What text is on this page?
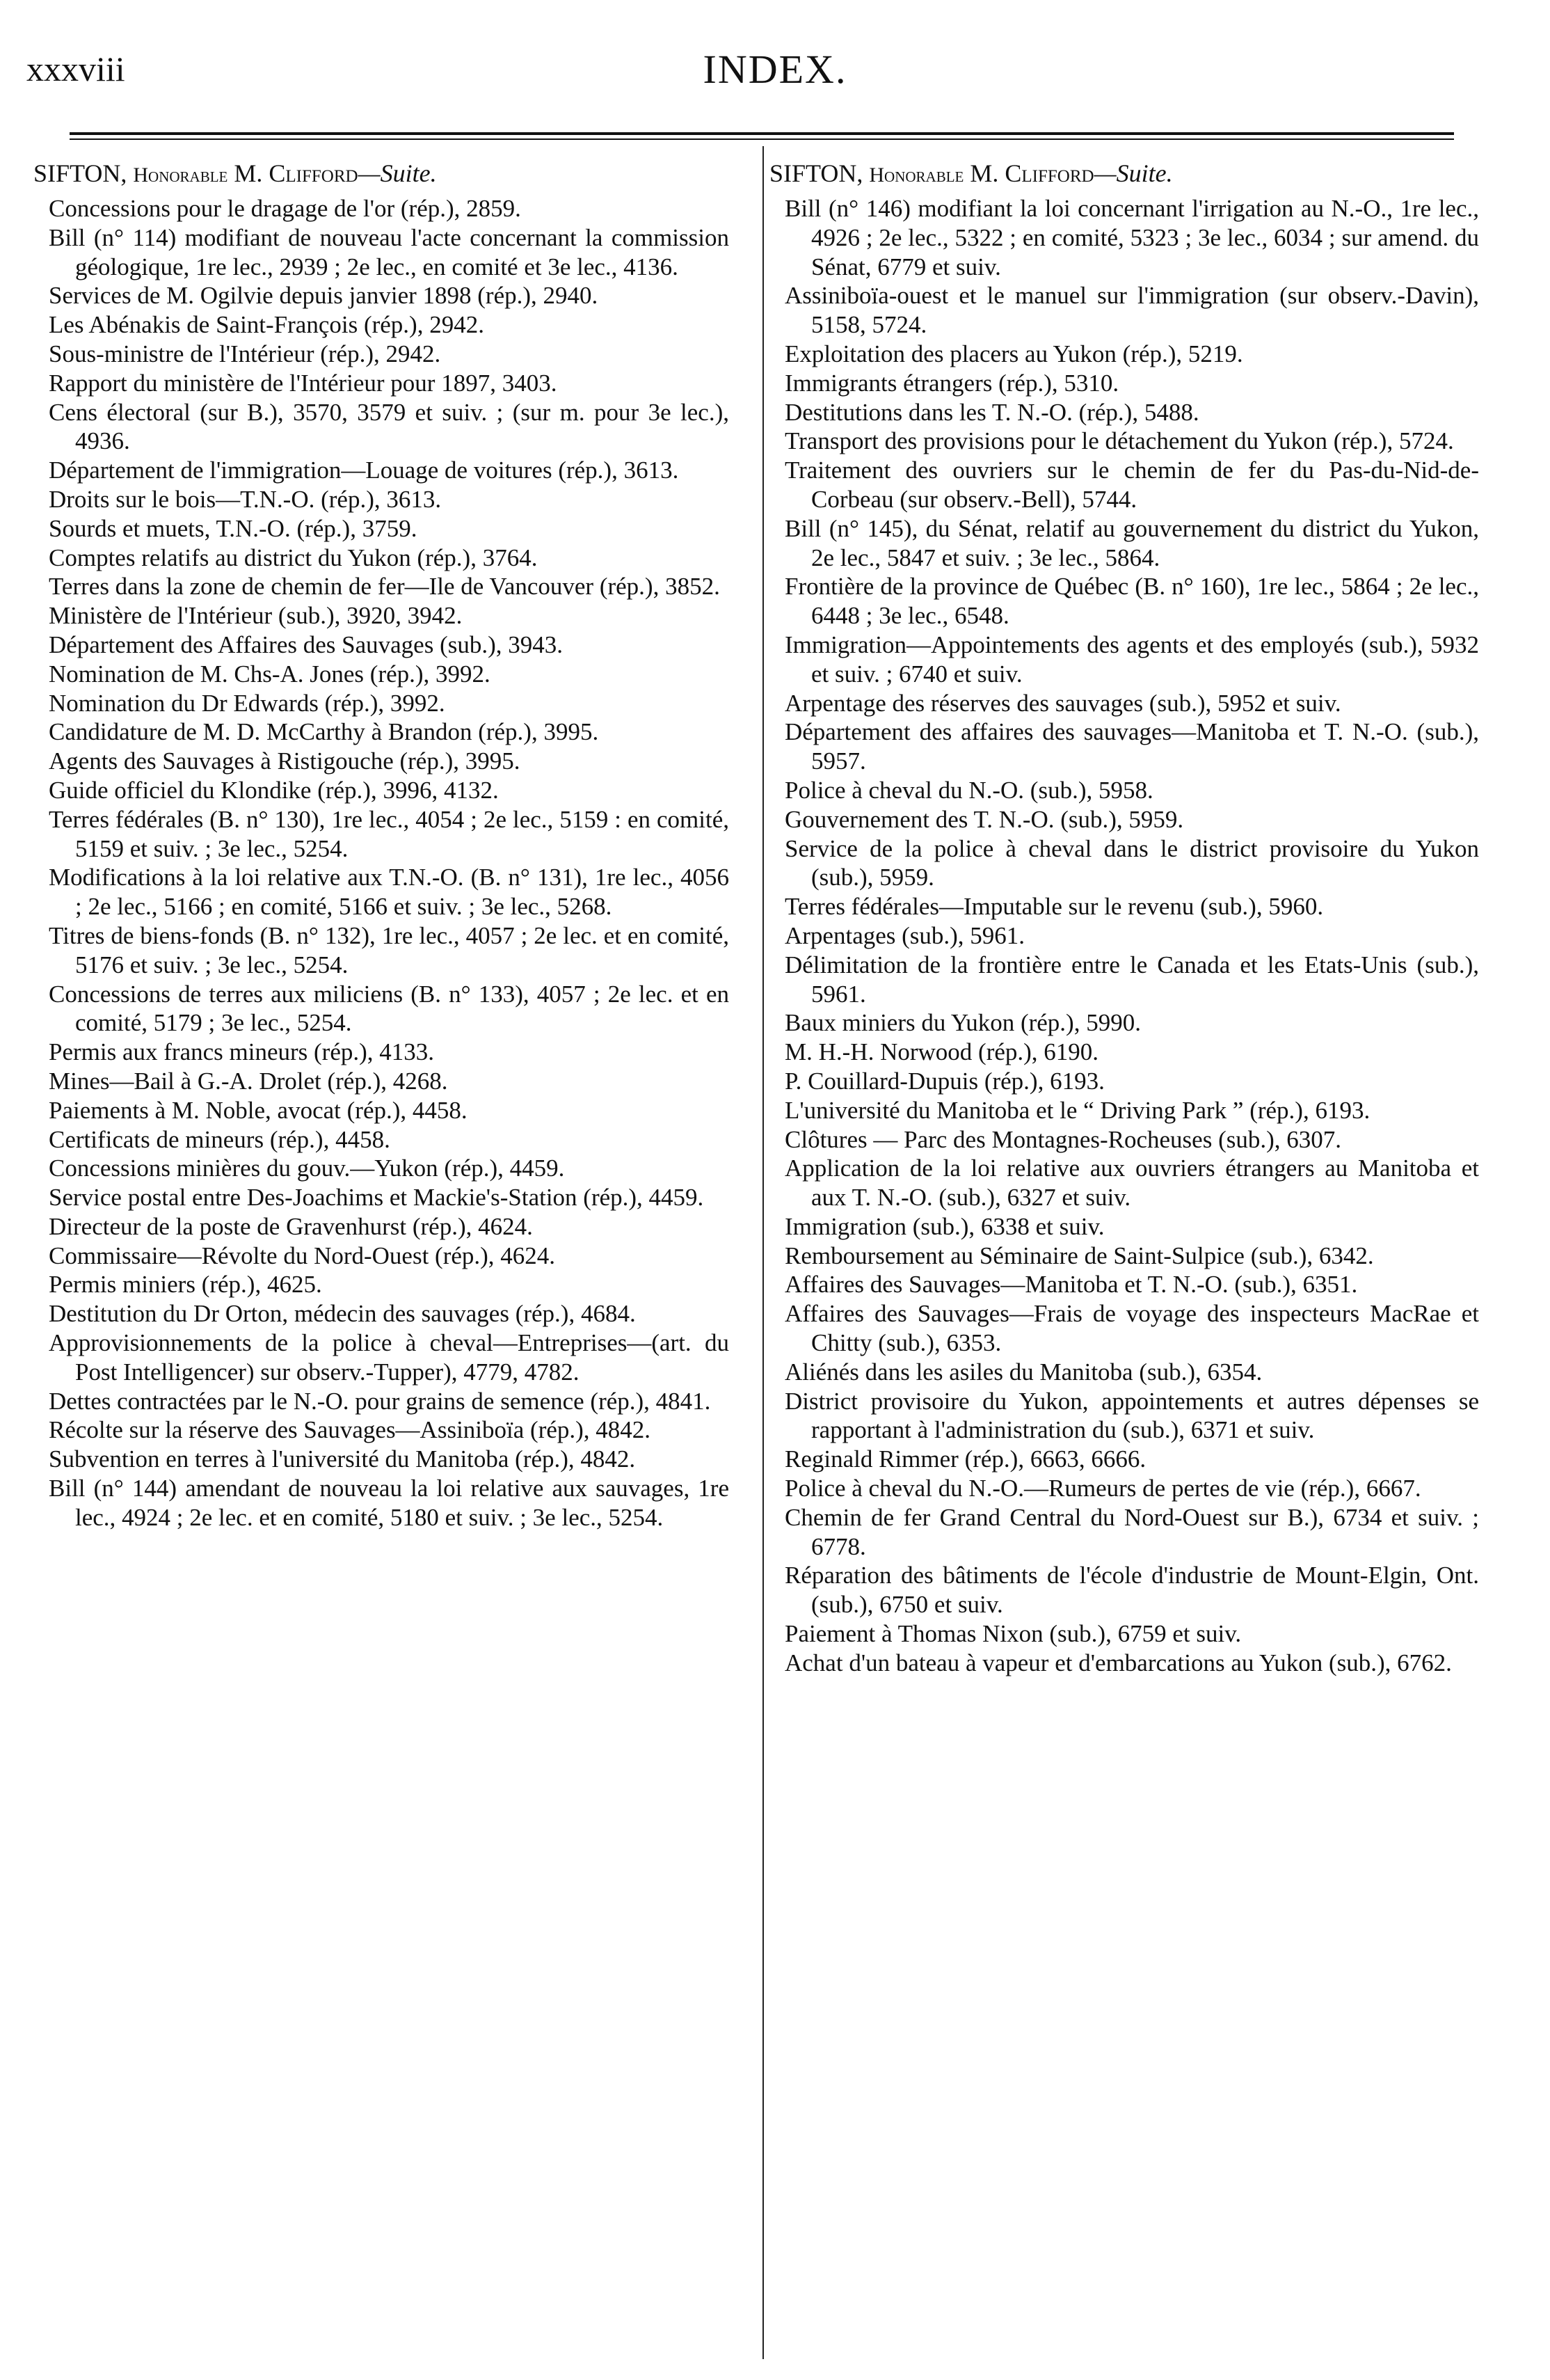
xxxviii	INDEX.
SIFTON, Honorable M. Clifford—Suite.
Concessions pour le dragage de l'or (rép.), 2859.
Bill (n° 114) modifiant de nouveau l'acte concernant la commission géologique, 1re lec., 2939 ; 2e lec., en comité et 3e lec., 4136.
Services de M. Ogilvie depuis janvier 1898 (rép.), 2940.
Les Abénakis de Saint-François (rép.), 2942.
Sous-ministre de l'Intérieur (rép.), 2942.
Rapport du ministère de l'Intérieur pour 1897, 3403.
Cens électoral (sur B.), 3570, 3579 et suiv. ; (sur m. pour 3e lec.), 4936.
Département de l'immigration—Louage de voitures (rép.), 3613.
Droits sur le bois—T.N.-O. (rép.), 3613.
Sourds et muets, T.N.-O. (rép.), 3759.
Comptes relatifs au district du Yukon (rép.), 3764.
Terres dans la zone de chemin de fer—Ile de Vancouver (rép.), 3852.
Ministère de l'Intérieur (sub.), 3920, 3942.
Département des Affaires des Sauvages (sub.), 3943.
Nomination de M. Chs-A. Jones (rép.), 3992.
Nomination du Dr Edwards (rép.), 3992.
Candidature de M. D. McCarthy à Brandon (rép.), 3995.
Agents des Sauvages à Ristigouche (rép.), 3995.
Guide officiel du Klondike (rép.), 3996, 4132.
Terres fédérales (B. n° 130), 1re lec., 4054 ; 2e lec., 5159 : en comité, 5159 et suiv. ; 3e lec., 5254.
Modifications à la loi relative aux T.N.-O. (B. n° 131), 1re lec., 4056 ; 2e lec., 5166 ; en comité, 5166 et suiv. ; 3e lec., 5268.
Titres de biens-fonds (B. n° 132), 1re lec., 4057 ; 2e lec. et en comité, 5176 et suiv. ; 3e lec., 5254.
Concessions de terres aux miliciens (B. n° 133), 4057 ; 2e lec. et en comité, 5179 ; 3e lec., 5254.
Permis aux francs mineurs (rép.), 4133.
Mines—Bail à G.-A. Drolet (rép.), 4268.
Paiements à M. Noble, avocat (rép.), 4458.
Certificats de mineurs (rép.), 4458.
Concessions minières du gouv.—Yukon (rép.), 4459.
Service postal entre Des-Joachims et Mackie's-Station (rép.), 4459.
Directeur de la poste de Gravenhurst (rép.), 4624.
Commissaire—Révolte du Nord-Ouest (rép.), 4624.
Permis miniers (rép.), 4625.
Destitution du Dr Orton, médecin des sauvages (rép.), 4684.
Approvisionnements de la police à cheval—Entreprises—(art. du Post Intelligencer) sur observ.-Tupper), 4779, 4782.
Dettes contractées par le N.-O. pour grains de semence (rép.), 4841.
Récolte sur la réserve des Sauvages—Assiniboïa (rép.), 4842.
Subvention en terres à l'université du Manitoba (rép.), 4842.
Bill (n° 144) amendant de nouveau la loi relative aux sauvages, 1re lec., 4924 ; 2e lec. et en comité, 5180 et suiv. ; 3e lec., 5254.
SIFTON, Honorable M. Clifford—Suite.
Bill (n° 146) modifiant la loi concernant l'irrigation au N.-O., 1re lec., 4926 ; 2e lec., 5322 ; en comité, 5323 ; 3e lec., 6034 ; sur amend. du Sénat, 6779 et suiv.
Assiniboïa-ouest et le manuel sur l'immigration (sur observ.-Davin), 5158, 5724.
Exploitation des placers au Yukon (rép.), 5219.
Immigrants étrangers (rép.), 5310.
Destitutions dans les T. N.-O. (rép.), 5488.
Transport des provisions pour le détachement du Yukon (rép.), 5724.
Traitement des ouvriers sur le chemin de fer du Pas-du-Nid-de-Corbeau (sur observ.-Bell), 5744.
Bill (n° 145), du Sénat, relatif au gouvernement du district du Yukon, 2e lec., 5847 et suiv. ; 3e lec., 5864.
Frontière de la province de Québec (B. n° 160), 1re lec., 5864 ; 2e lec., 6448 ; 3e lec., 6548.
Immigration—Appointements des agents et des employés (sub.), 5932 et suiv. ; 6740 et suiv.
Arpentage des réserves des sauvages (sub.), 5952 et suiv.
Département des affaires des sauvages—Manitoba et T. N.-O. (sub.), 5957.
Police à cheval du N.-O. (sub.), 5958.
Gouvernement des T. N.-O. (sub.), 5959.
Service de la police à cheval dans le district provisoire du Yukon (sub.), 5959.
Terres fédérales—Imputable sur le revenu (sub.), 5960.
Arpentages (sub.), 5961.
Délimitation de la frontière entre le Canada et les Etats-Unis (sub.), 5961.
Baux miniers du Yukon (rép.), 5990.
M. H.-H. Norwood (rép.), 6190.
P. Couillard-Dupuis (rép.), 6193.
L'université du Manitoba et le “ Driving Park ” (rép.), 6193.
Clôtures — Parc des Montagnes-Rocheuses (sub.), 6307.
Application de la loi relative aux ouvriers étrangers au Manitoba et aux T. N.-O. (sub.), 6327 et suiv.
Immigration (sub.), 6338 et suiv.
Remboursement au Séminaire de Saint-Sulpice (sub.), 6342.
Affaires des Sauvages—Manitoba et T. N.-O. (sub.), 6351.
Affaires des Sauvages—Frais de voyage des inspecteurs MacRae et Chitty (sub.), 6353.
Aliénés dans les asiles du Manitoba (sub.), 6354.
District provisoire du Yukon, appointements et autres dépenses se rapportant à l'administration du (sub.), 6371 et suiv.
Reginald Rimmer (rép.), 6663, 6666.
Police à cheval du N.-O.—Rumeurs de pertes de vie (rép.), 6667.
Chemin de fer Grand Central du Nord-Ouest sur B.), 6734 et suiv. ; 6778.
Réparation des bâtiments de l'école d'industrie de Mount-Elgin, Ont. (sub.), 6750 et suiv.
Paiement à Thomas Nixon (sub.), 6759 et suiv.
Achat d'un bateau à vapeur et d'embarcations au Yukon (sub.), 6762.
